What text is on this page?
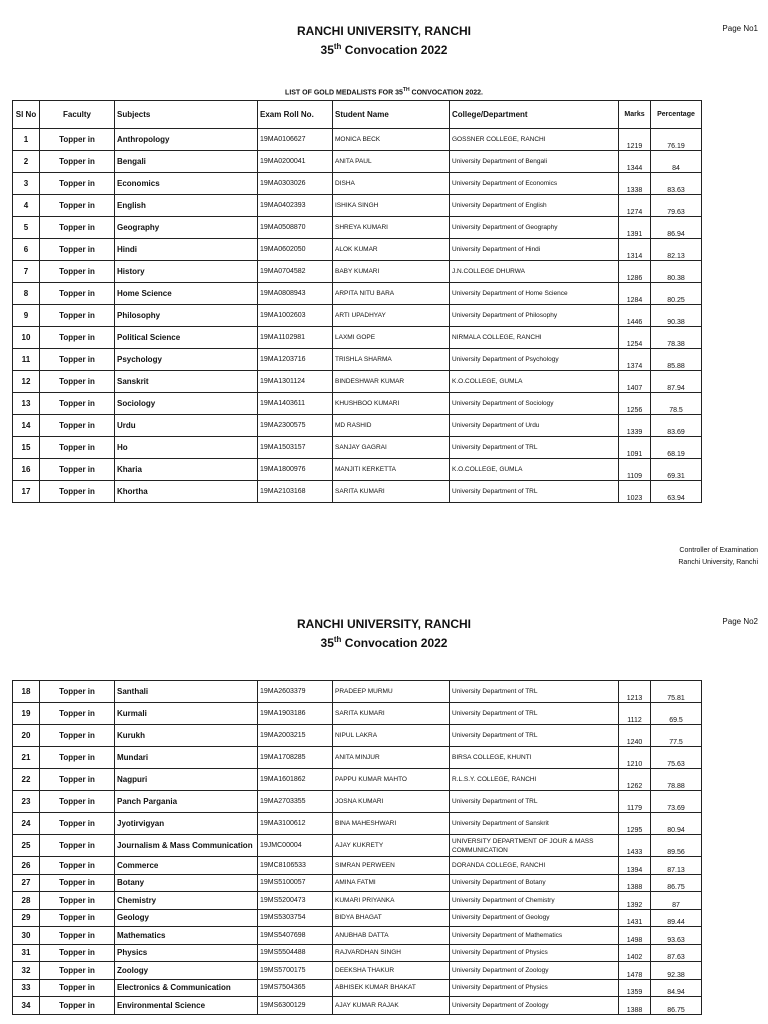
Page No1
RANCHI UNIVERSITY, RANCHI
35th Convocation 2022
LIST OF GOLD MEDALISTS FOR 35TH CONVOCATION 2022.
Sl No	Faculty	Subjects	Exam Roll No.	Student Name	College/Department	Marks	Percentage
1	Topper in	Anthropology	19MA0106627	MONICA BECK	GOSSNER COLLEGE, RANCHI	1219	76.19
2	Topper in	Bengali	19MA0200041	ANITA PAUL	University Department of Bengali	1344	84
3	Topper in	Economics	19MA0303026	DISHA	University Department of Economics	1338	83.63
4	Topper in	English	19MA0402393	ISHIKA SINGH	University Department of English	1274	79.63
5	Topper in	Geography	19MA0508870	SHREYA KUMARI	University Department of Geography	1391	86.94
6	Topper in	Hindi	19MA0602050	ALOK KUMAR	University Department of Hindi	1314	82.13
7	Topper in	History	19MA0704582	BABY KUMARI	J.N.COLLEGE DHURWA	1286	80.38
8	Topper in	Home Science	19MA0808943	ARPITA NITU BARA	University Department of Home Science	1284	80.25
9	Topper in	Philosophy	19MA1002603	ARTI UPADHYAY	University Department of Philosophy	1446	90.38
10	Topper in	Political Science	19MA1102981	LAXMI GOPE	NIRMALA COLLEGE, RANCHI	1254	78.38
11	Topper in	Psychology	19MA1203716	TRISHLA SHARMA	University Department of Psychology	1374	85.88
12	Topper in	Sanskrit	19MA1301124	BINDESHWAR KUMAR	K.O.COLLEGE, GUMLA	1407	87.94
13	Topper in	Sociology	19MA1403611	KHUSHBOO KUMARI	University Department of Sociology	1256	78.5
14	Topper in	Urdu	19MA2300575	MD RASHID	University Department of Urdu	1339	83.69
15	Topper in	Ho	19MA1503157	SANJAY GAGRAI	University Department of TRL	1091	68.19
16	Topper in	Kharia	19MA1800976	MANJITI KERKETTA	K.O.COLLEGE, GUMLA	1109	69.31
17	Topper in	Khortha	19MA2103168	SARITA KUMARI	University Department of TRL	1023	63.94
Controller of Examination
Ranchi University, Ranchi
Page No2
RANCHI UNIVERSITY, RANCHI
35th Convocation 2022
18	Topper in	Santhali	19MA2603379	PRADEEP MURMU	University Department of TRL	1213	75.81
19	Topper in	Kurmali	19MA1903186	SARITA KUMARI	University Department of TRL	1112	69.5
20	Topper in	Kurukh	19MA2003215	NIPUL LAKRA	University Department of TRL	1240	77.5
21	Topper in	Mundari	19MA1708285	ANITA MINJUR	BIRSA COLLEGE, KHUNTI	1210	75.63
22	Topper in	Nagpuri	19MA1601862	PAPPU KUMAR MAHTO	R.L.S.Y. COLLEGE, RANCHI	1262	78.88
23	Topper in	Panch Pargania	19MA2703355	JOSNA KUMARI	University Department of TRL	1179	73.69
24	Topper in	Jyotirvigyan	19MA3100612	BINA MAHESHWARI	University Department of Sanskrit	1295	80.94
25	Topper in	Journalism & Mass Communication	19JMC00004	AJAY KUKRETY	UNIVERSITY DEPARTMENT OF JOUR & MASS COMMUNICATION	1433	89.56
26	Topper in	Commerce	19MC8106533	SIMRAN PERWEEN	DORANDA COLLEGE, RANCHI	1394	87.13
27	Topper in	Botany	19MS5100057	AMINA FATMI	University Department of Botany	1388	86.75
28	Topper in	Chemistry	19MS5200473	KUMARI PRIYANKA	University Department of Chemistry	1392	87
29	Topper in	Geology	19MS5303754	BIDYA BHAGAT	University Department of Geology	1431	89.44
30	Topper in	Mathematics	19MS5407698	ANUBHAB DATTA	University Department of Mathematics	1498	93.63
31	Topper in	Physics	19MS5504488	RAJVARDHAN SINGH	University Department of Physics	1402	87.63
32	Topper in	Zoology	19MS5700175	DEEKSHA THAKUR	University Department of Zoology	1478	92.38
33	Topper in	Electronics & Communication	19MS7504365	ABHISEK KUMAR BHAKAT	University Department of Physics	1359	84.94
34	Topper in	Environmental Science	19MS6300129	AJAY KUMAR RAJAK	University Department of Zoology	1388	86.75
